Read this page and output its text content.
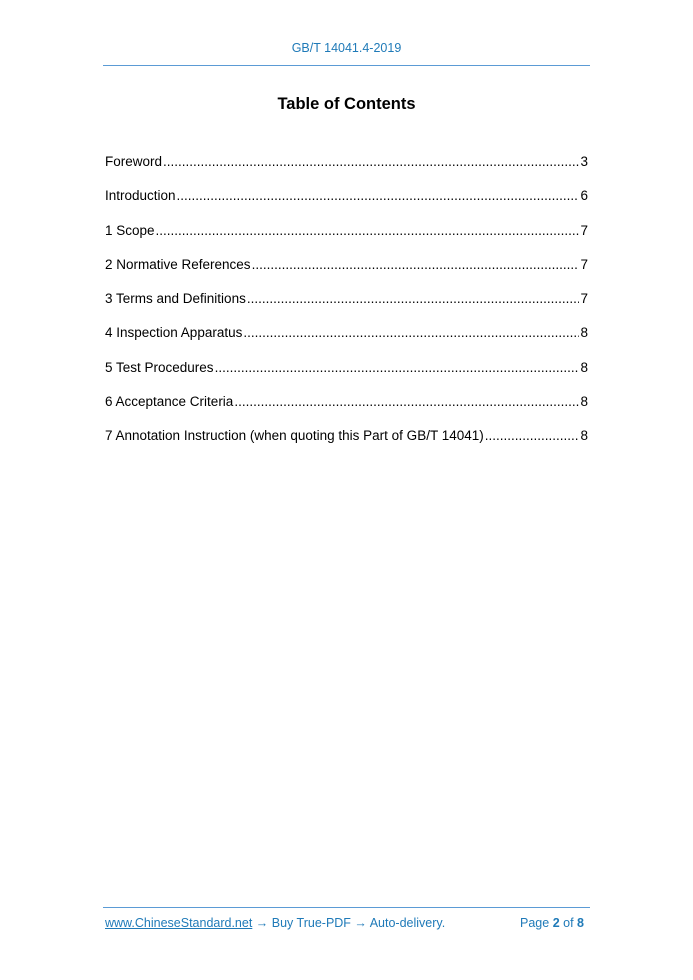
GB/T 14041.4-2019
Table of Contents
Foreword .....	3
Introduction .....	6
1 Scope .....	7
2 Normative References .....	7
3 Terms and Definitions .....	7
4 Inspection Apparatus .....	8
5 Test Procedures .....	8
6 Acceptance Criteria .....	8
7 Annotation Instruction (when quoting this Part of GB/T 14041) .....	8
www.ChineseStandard.net → Buy True-PDF → Auto-delivery.	Page 2 of 8
